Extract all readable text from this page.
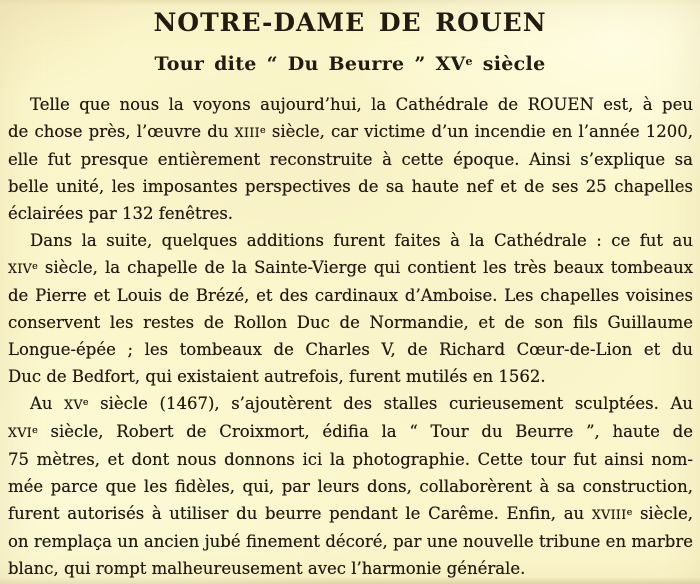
NOTRE-DAME DE ROUEN
Tour dite “ Du Beurre ” XVe siècle
Telle que nous la voyons aujourd’hui, la Cathédrale de ROUEN est, à peu
de chose près, l’œuvre du XIIIe siècle, car victime d’un incendie en l’année 1200,
elle fut presque entièrement reconstruite à cette époque. Ainsi s’explique sa
belle unité, les imposantes perspectives de sa haute nef et de ses 25 chapelles
éclairées par 132 fenêtres.
Dans la suite, quelques additions furent faites à la Cathédrale : ce fut au
XIVe siècle, la chapelle de la Sainte-Vierge qui contient les très beaux tombeaux
de Pierre et Louis de Brézé, et des cardinaux d’Amboise. Les chapelles voisines
conservent les restes de Rollon Duc de Normandie, et de son fils Guillaume
Longue-épée ; les tombeaux de Charles V, de Richard Cœur-de-Lion et du
Duc de Bedfort, qui existaient autrefois, furent mutilés en 1562.
Au XVe siècle (1467), s’ajoutèrent des stalles curieusement sculptées. Au
XVIe siècle, Robert de Croixmort, édifia la “ Tour du Beurre ”, haute de
75 mètres, et dont nous donnons ici la photographie. Cette tour fut ainsi nom-
mée parce que les fidèles, qui, par leurs dons, collaborèrent à sa construction,
furent autorisés à utiliser du beurre pendant le Carême. Enfin, au XVIIIe siècle,
on remplaça un ancien jubé finement décoré, par une nouvelle tribune en marbre
blanc, qui rompt malheureusement avec l’harmonie générale.
